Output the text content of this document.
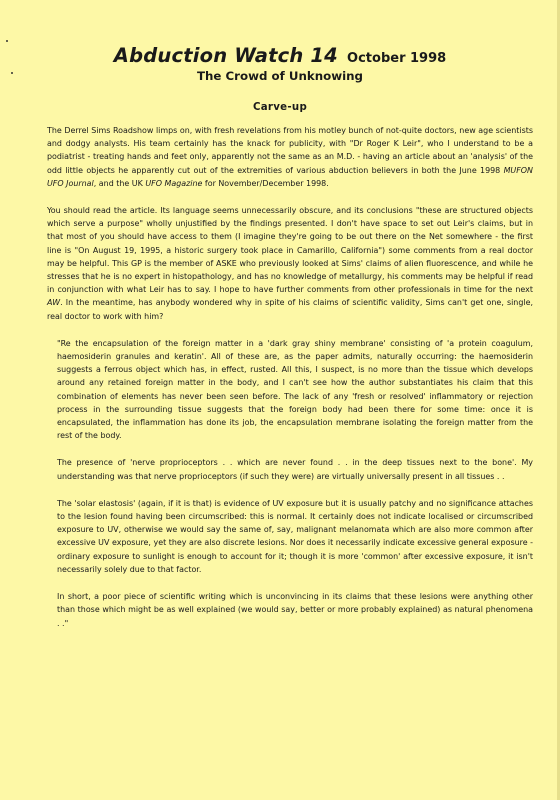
Abduction Watch 14 October 1998
The Crowd of Unknowing
Carve-up

The Derrel Sims Roadshow limps on, with fresh revelations from his motley bunch of not-quite doctors, new age scientists and dodgy analysts. His team certainly has the knack for publicity, with "Dr Roger K Leir", who I understand to be a podiatrist - treating hands and feet only, apparently not the same as an M.D. - having an article about an 'analysis' of the odd little objects he apparently cut out of the extremities of various abduction believers in both the June 1998 MUFON UFO Journal, and the UK UFO Magazine for November/December 1998.

You should read the article. Its language seems unnecessarily obscure, and its conclusions "these are structured objects which serve a purpose" wholly unjustified by the findings presented. I don't have space to set out Leir's claims, but in that most of you should have access to them (I imagine they're going to be out there on the Net somewhere - the first line is "On August 19, 1995, a historic surgery took place in Camarillo, California") some comments from a real doctor may be helpful. This GP is the member of ASKE who previously looked at Sims' claims of alien fluorescence, and while he stresses that he is no expert in histopathology, and has no knowledge of metallurgy, his comments may be helpful if read in conjunction with what Leir has to say. I hope to have further comments from other professionals in time for the next AW. In the meantime, has anybody wondered why in spite of his claims of scientific validity, Sims can't get one, single, real doctor to work with him?

"Re the encapsulation of the foreign matter in a 'dark gray shiny membrane' consisting of 'a protein coagulum, haemosiderin granules and keratin'. All of these are, as the paper admits, naturally occurring: the haemosiderin suggests a ferrous object which has, in effect, rusted. All this, I suspect, is no more than the tissue which develops around any retained foreign matter in the body, and I can't see how the author substantiates his claim that this combination of elements has never been seen before. The lack of any 'fresh or resolved' inflammatory or rejection process in the surrounding tissue suggests that the foreign body had been there for some time: once it is encapsulated, the inflammation has done its job, the encapsulation membrane isolating the foreign matter from the rest of the body.

The presence of 'nerve proprioceptors . . which are never found . . in the deep tissues next to the bone'. My understanding was that nerve proprioceptors (if such they were) are virtually universally present in all tissues . .

The 'solar elastosis' (again, if it is that) is evidence of UV exposure but it is usually patchy and no significance attaches to the lesion found having been circumscribed: this is normal. It certainly does not indicate localised or circumscribed exposure to UV, otherwise we would say the same of, say, malignant melanomata which are also more common after excessive UV exposure, yet they are also discrete lesions. Nor does it necessarily indicate excessive general exposure - ordinary exposure to sunlight is enough to account for it; though it is more 'common' after excessive exposure, it isn't necessarily solely due to that factor.

In short, a poor piece of scientific writing which is unconvincing in its claims that these lesions were anything other than those which might be as well explained (we would say, better or more probably explained) as natural phenomena . ."
